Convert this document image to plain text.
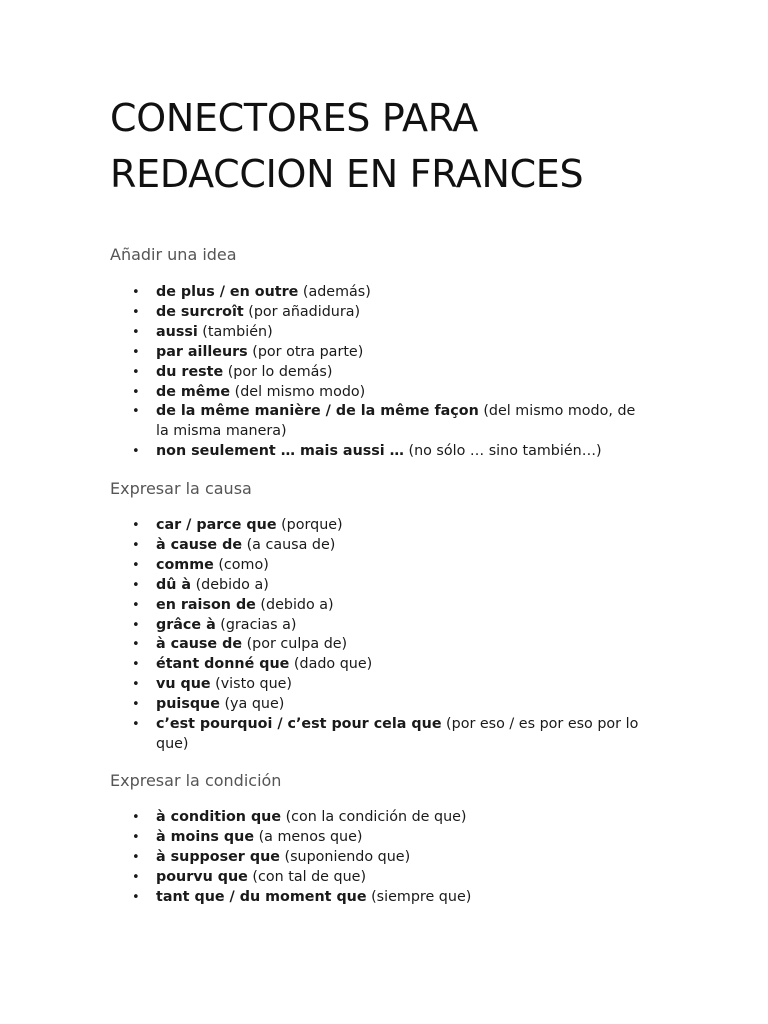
CONECTORES PARA
REDACCION EN FRANCES
Añadir una idea
• de plus / en outre (además)
• de surcroît (por añadidura)
• aussi (también)
• par ailleurs (por otra parte)
• du reste (por lo demás)
• de même (del mismo modo)
• de la même manière / de la même façon (del mismo modo, de la misma manera)
• non seulement … mais aussi … (no sólo … sino también…)
Expresar la causa
• car / parce que (porque)
• à cause de (a causa de)
• comme (como)
• dû à (debido a)
• en raison de (debido a)
• grâce à (gracias a)
• à cause de (por culpa de)
• étant donné que (dado que)
• vu que (visto que)
• puisque (ya que)
• c’est pourquoi / c’est pour cela que (por eso / es por eso por lo que)
Expresar la condición
• à condition que (con la condición de que)
• à moins que (a menos que)
• à supposer que (suponiendo que)
• pourvu que (con tal de que)
• tant que / du moment que (siempre que)
